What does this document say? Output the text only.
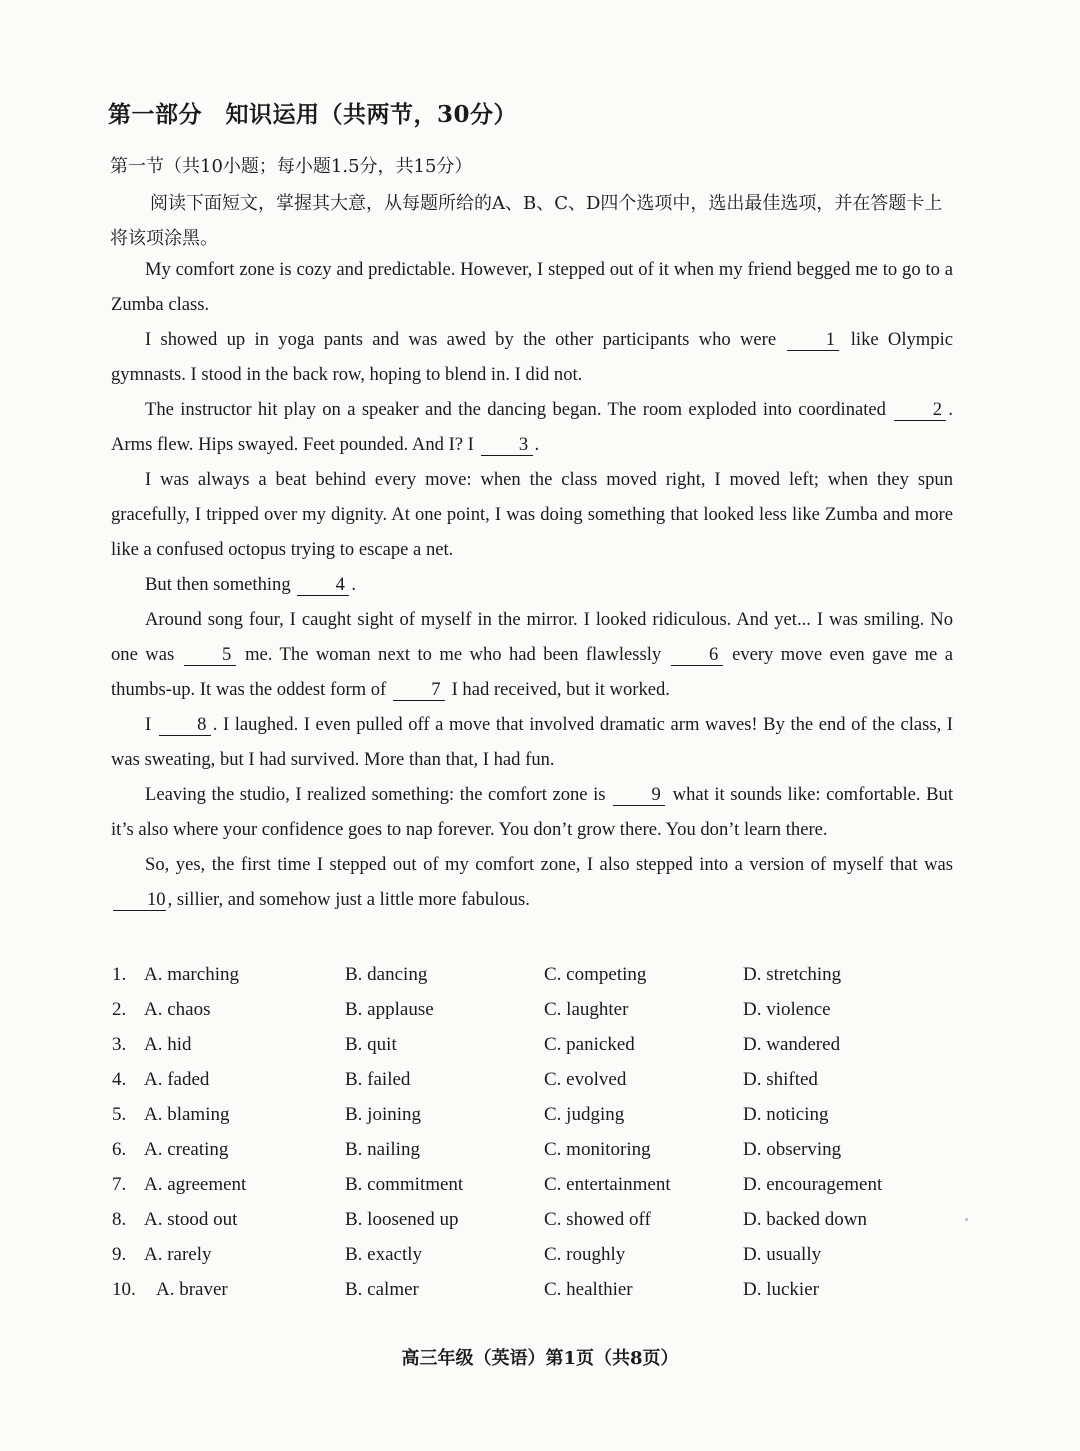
第一部分　知识运用（共两节，30分）
第一节（共10小题；每小题1.5分，共15分）
阅读下面短文，掌握其大意，从每题所给的A、B、C、D四个选项中，选出最佳选项，并在答题卡上将该项涂黑。

My comfort zone is cozy and predictable. However, I stepped out of it when my friend begged me to go to a Zumba class.

I showed up in yoga pants and was awed by the other participants who were	1 like Olympic gymnasts. I stood in the back row, hoping to blend in. I did not.

The instructor hit play on a speaker and the dancing began. The room exploded into coordinated	2 . Arms flew. Hips swayed. Feet pounded. And I? I 3 .

I was always a beat behind every move: when the class moved right, I moved left; when they spun gracefully, I tripped over my dignity. At one point, I was doing something that looked less like Zumba and more like a confused octopus trying to escape a net.

But then something 4 .

Around song four, I caught sight of myself in the mirror. I looked ridiculous. And yet... I was smiling. No one was	5 me. The woman next to me who had been flawlessly	6 every move even gave me a thumbs-up. It was the oddest form of 7 I had received, but it worked.

I 8 . I laughed. I even pulled off a move that involved dramatic arm waves! By the end of the class, I was sweating, but I had survived. More than that, I had fun.

Leaving the studio, I realized something: the comfort zone is 9 what it sounds like: comfortable. But it’s also where your confidence goes to nap forever. You don’t grow there. You don’t learn there.

So, yes, the first time I stepped out of my comfort zone, I also stepped into a version of myself that was 10 , sillier, and somehow just a little more fabulous.

1. A. marching	B. dancing	C. competing	D. stretching
2. A. chaos	B. applause	C. laughter	D. violence
3. A. hid	B. quit	C. panicked	D. wandered
4. A. faded	B. failed	C. evolved	D. shifted
5. A. blaming	B. joining	C. judging	D. noticing
6. A. creating	B. nailing	C. monitoring	D. observing
7. A. agreement	B. commitment	C. entertainment	D. encouragement
8. A. stood out	B. loosened up	C. showed off	D. backed down
9. A. rarely	B. exactly	C. roughly	D. usually
10. A. braver	B. calmer	C. healthier	D. luckier
高三年级（英语）第1页（共8页）
